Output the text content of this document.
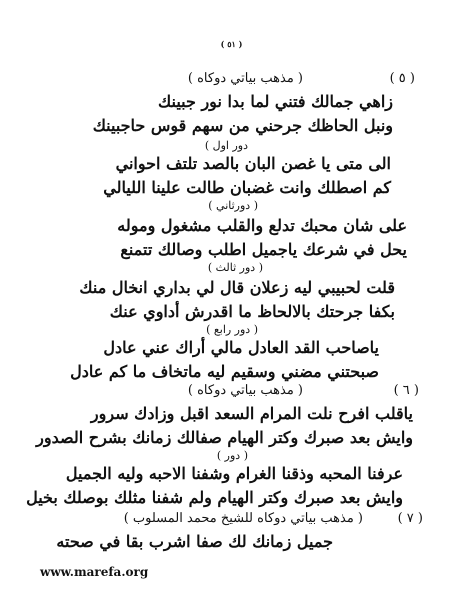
( ٥١ )
( مذهب بياتي دوكاه )	( ٥ )
زاهي جمالك فتني لما بدا نور جبينك
ونبل الحاظك جرحني من سهم قوس حاجبينك
دور اول )
الى متى يا غصن البان بالصد تلتف احواني
كم اصطلك وانت غضبان طالت علينا الليالي
( دورثاني )
على شان محبك تدلع والقلب مشغول وموله
يحل في شرعك ياجميل اطلب وصالك تتمنع
( دور ثالث )
قلت لحبيبي ليه زعلان قال لي بداري انخال منك
بكفا جرحتك بالالحاظ ما اقدرش أداوي عنك
( دور رابع )
ياصاحب القد العادل مالي أراك عني عادل
صبحتني مضني وسقيم ليه ماتخاف ما كم عادل
( مذهب بياتي دوكاه )	( ٦ )
ياقلب افرح نلت المرام السعد اقبل وزادك سرور
وايش بعد صبرك وكتر الهيام صفالك زمانك بشرح الصدور
( دور )
عرفنا المحبه وذقنا الغرام وشفنا الاحبه وليه الجميل
وايش بعد صبرك وكتر الهيام ولم شفنا مثلك بوصلك بخيل
( مذهب بياتي دوكاه للشيخ محمد المسلوب )	( ٧ )
جميل زمانك لك صفا اشرب بقا في صحته
www.marefa.org
